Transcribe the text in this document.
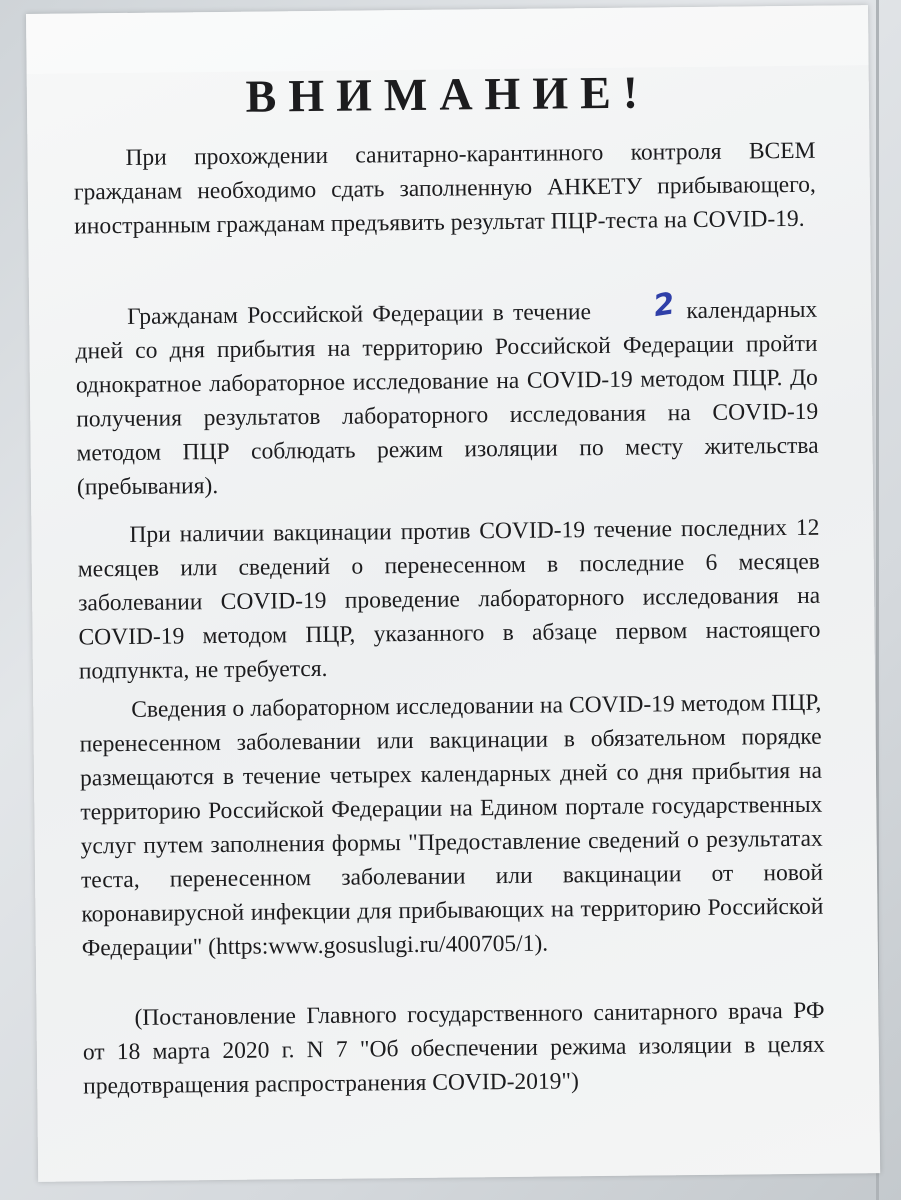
ВНИМАНИЕ!

При прохождении санитарно-карантинного контроля ВСЕМ гражданам необходимо сдать заполненную АНКЕТУ прибывающего, иностранным гражданам предъявить результат ПЦР-теста на COVID-19.

Гражданам Российской Федерации в течение 2 календарных дней со дня прибытия на территорию Российской Федерации пройти однократное лабораторное исследование на COVID-19 методом ПЦР. До получения результатов лабораторного исследования на COVID-19 методом ПЦР соблюдать режим изоляции по месту жительства (пребывания).

При наличии вакцинации против COVID-19 течение последних 12 месяцев или сведений о перенесенном в последние 6 месяцев заболевании COVID-19 проведение лабораторного исследования на COVID-19 методом ПЦР, указанного в абзаце первом настоящего подпункта, не требуется.

Сведения о лабораторном исследовании на COVID-19 методом ПЦР, перенесенном заболевании или вакцинации в обязательном порядке размещаются в течение четырех календарных дней со дня прибытия на территорию Российской Федерации на Едином портале государственных услуг путем заполнения формы "Предоставление сведений о результатах теста, перенесенном заболевании или вакцинации от новой коронавирусной инфекции для прибывающих на территорию Российской Федерации" (https:www.gosuslugi.ru/400705/1).

(Постановление Главного государственного санитарного врача РФ от 18 марта 2020 г. N 7 "Об обеспечении режима изоляции в целях предотвращения распространения COVID-2019")
